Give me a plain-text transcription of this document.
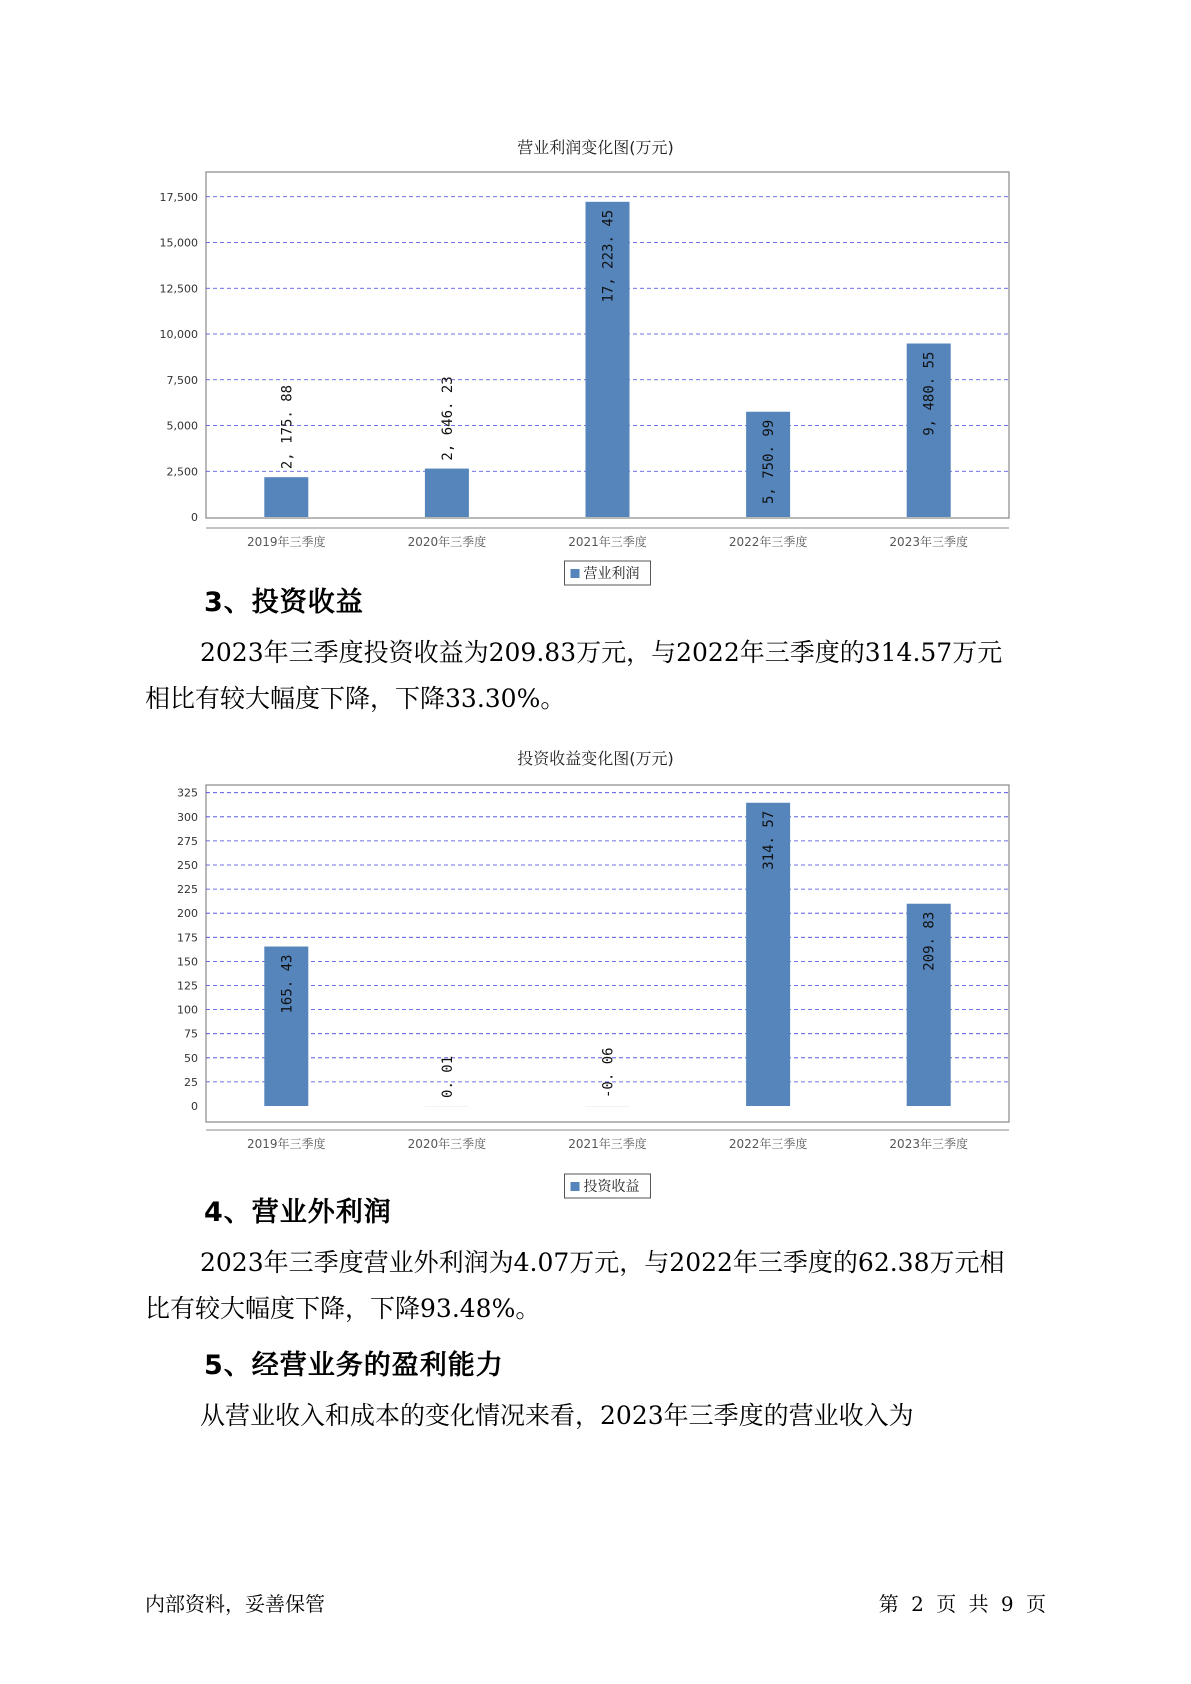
营业利润变化图(万元)
0
2,500
5,000
7,500
10,000
12,500
15,000
17,500
2, 175. 88
2019年三季度
2, 646. 23
2020年三季度
17, 223. 45
2021年三季度
5, 750. 99
2022年三季度
9, 480. 55
2023年三季度
营业利润
3、投资收益
2023年三季度投资收益为209.83万元，与2022年三季度的314.57万元
相比有较大幅度下降，下降33.30%。
投资收益变化图(万元)
0
25
50
75
100
125
150
175
200
225
250
275
300
325
165. 43
2019年三季度
0. 01
2020年三季度
-0. 06
2021年三季度
314. 57
2022年三季度
209. 83
2023年三季度
投资收益
4、营业外利润
2023年三季度营业外利润为4.07万元，与2022年三季度的62.38万元相
比有较大幅度下降，下降93.48%。
5、经营业务的盈利能力
从营业收入和成本的变化情况来看，2023年三季度的营业收入为
内部资料，妥善保管	第 2 页 共 9 页
